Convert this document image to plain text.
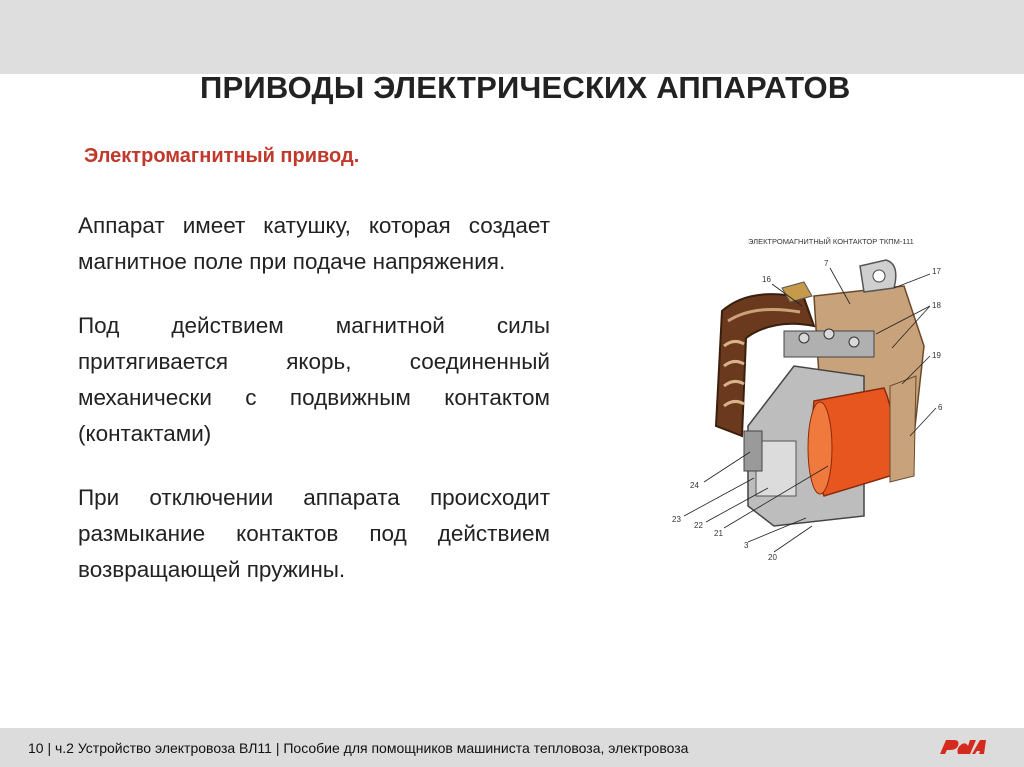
ПРИВОДЫ ЭЛЕКТРИЧЕСКИХ АППАРАТОВ
Электромагнитный привод.

Аппарат имеет катушку, которая создает магнитное поле при подаче напряжения.

Под действием магнитной силы притягивается якорь, соединенный механически с подвижным контактом (контактами)

При отключении аппарата происходит размыкание контактов под действием возвращающей пружины.

ЭЛЕКТРОМАГНИТНЫЙ КОНТАКТОР ТКПМ-111
16
7
17
18
19
6
24
23
22
21
3
20
10 | ч.2 Устройство электровоза ВЛ11 | Пособие для помощников машиниста тепловоза, электровоза
